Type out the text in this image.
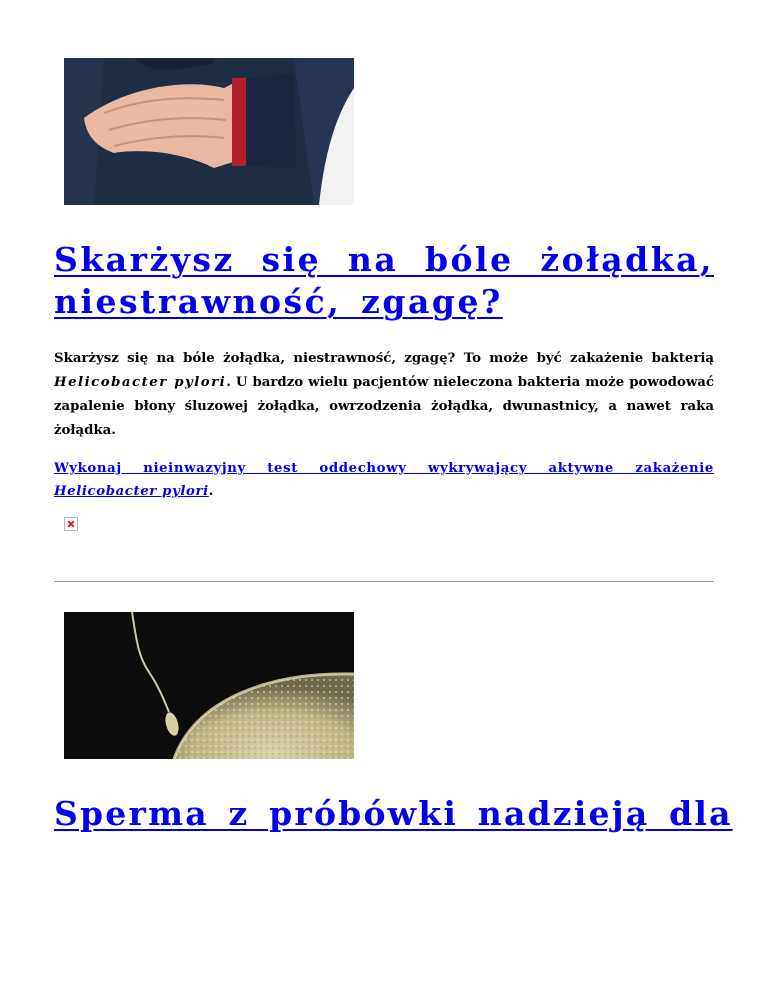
Skarżysz się na bóle żołądka, niestrawność, zgagę?

Skarżysz się na bóle żołądka, niestrawność, zgagę? To może być zakażenie bakterią Helicobacter pylori. U bardzo wielu pacjentów nieleczona bakteria może powodować zapalenie błony śluzowej żołądka, owrzodzenia żołądka, dwunastnicy, a nawet raka żołądka.

Wykonaj nieinwazyjny test oddechowy wykrywający aktywne zakażenie Helicobacter pylori.

Sperma z próbówki nadzieją dla
